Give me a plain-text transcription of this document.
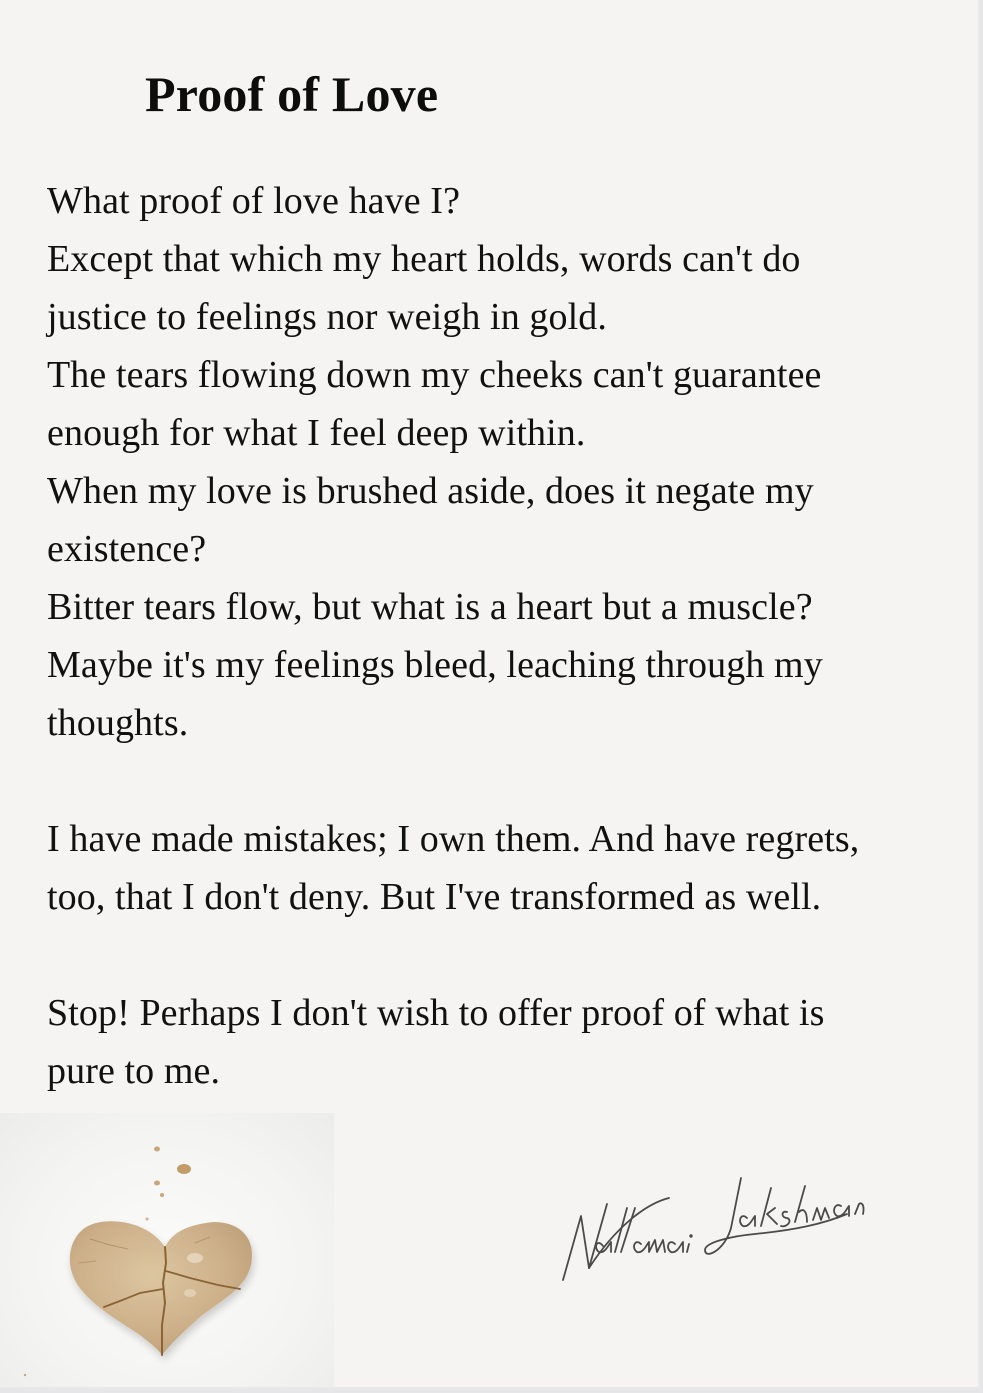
Proof of Love
What proof of love have I?
Except that which my heart holds, words can't do
justice to feelings nor weigh in gold.
The tears flowing down my cheeks can't guarantee
enough for what I feel deep within.
When my love is brushed aside, does it negate my
existence?
Bitter tears flow, but what is a heart but a muscle?
Maybe it's my feelings bleed, leaching through my
thoughts.
I have made mistakes; I own them. And have regrets,
too, that I don't deny. But I've transformed as well.
Stop! Perhaps I don't wish to offer proof of what is
pure to me.
